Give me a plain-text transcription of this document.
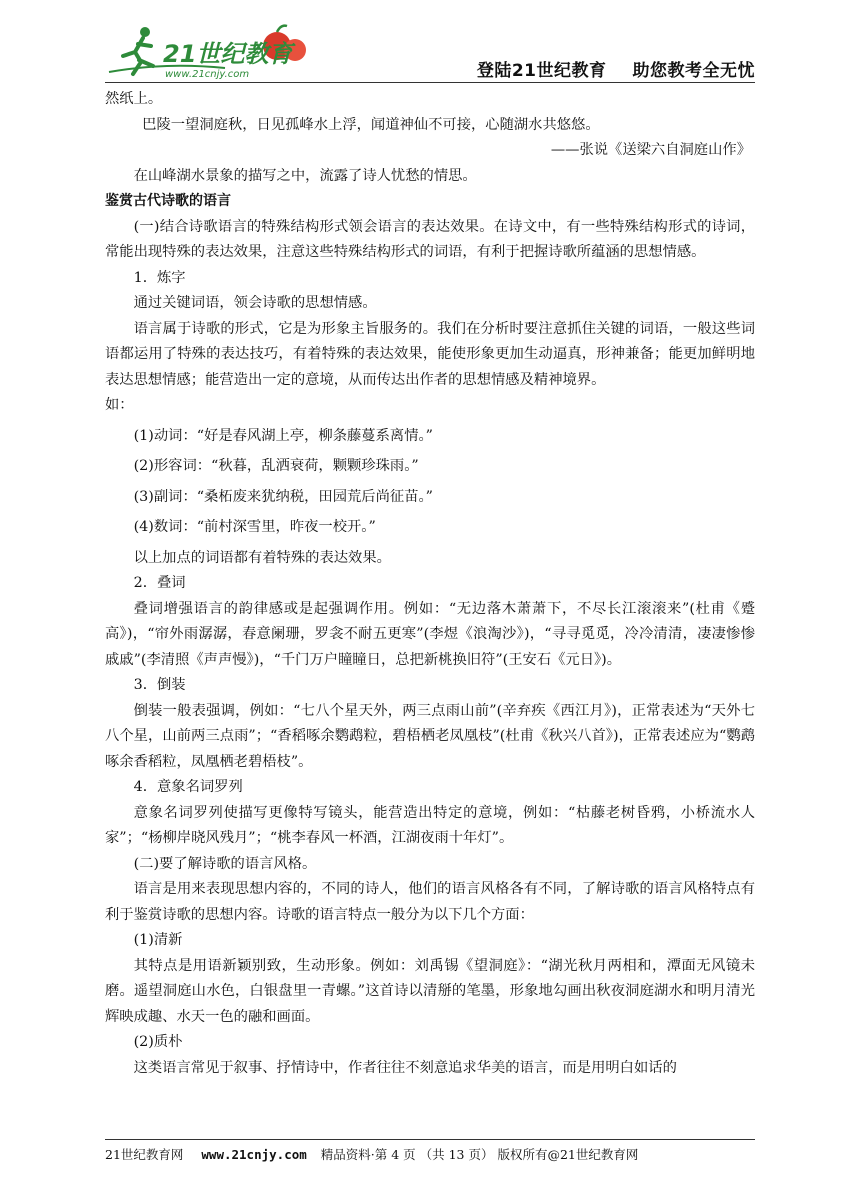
21世纪教育
www.21cnjy.com	登陆21世纪教育 助您教考全无忧

然纸上。

巴陵一望洞庭秋，日见孤峰水上浮，闻道神仙不可接，心随湖水共悠悠。

——张说《送梁六自洞庭山作》

在山峰湖水景象的描写之中，流露了诗人忧愁的情思。

鉴赏古代诗歌的语言

(一)结合诗歌语言的特殊结构形式领会语言的表达效果。在诗文中，有一些特殊结构形式的诗词，常能出现特殊的表达效果，注意这些特殊结构形式的词语，有利于把握诗歌所蕴涵的思想情感。

1．炼字

通过关键词语，领会诗歌的思想情感。

语言属于诗歌的形式，它是为形象主旨服务的。我们在分析时要注意抓住关键的词语，一般这些词语都运用了特殊的表达技巧，有着特殊的表达效果，能使形象更加生动逼真，形神兼备；能更加鲜明地表达思想情感；能营造出一定的意境，从而传达出作者的思想情感及精神境界。

如：

(1)动词：“好是春风湖上亭，柳条藤蔓系离情。”

(2)形容词：“秋暮，乱洒衰荷，颗颗珍珠雨。”

(3)副词：“桑柘废来犹纳税，田园荒后尚征苗。”

(4)数词：“前村深雪里，昨夜一校开。”

以上加点的词语都有着特殊的表达效果。

2．叠词

叠词增强语言的韵律感或是起强调作用。例如：“无边落木萧萧下，不尽长江滚滚来”(杜甫《蹙高》)，“帘外雨潺潺，春意阑珊，罗衾不耐五更寒”(李煜《浪淘沙》)，“寻寻觅觅，冷冷清清，凄凄惨惨戚戚”(李清照《声声慢》)，“千门万户瞳瞳日，总把新桃换旧符”(王安石《元日》)。

3．倒装

倒装一般表强调，例如：“七八个星天外，两三点雨山前”(辛弃疾《西江月》)，正常表述为“天外七八个星，山前两三点雨”；“香稻啄余鹦鹉粒，碧梧栖老凤凰枝”(杜甫《秋兴八首》)，正常表述应为“鹦鹉啄余香稻粒，凤凰栖老碧梧枝”。

4．意象名词罗列

意象名词罗列使描写更像特写镜头，能营造出特定的意境，例如：“枯藤老树昏鸦，小桥流水人家”；“杨柳岸晓风残月”；“桃李春风一杯酒，江湖夜雨十年灯”。

(二)要了解诗歌的语言风格。

语言是用来表现思想内容的，不同的诗人，他们的语言风格各有不同，了解诗歌的语言风格特点有利于鉴赏诗歌的思想内容。诗歌的语言特点一般分为以下几个方面：

(1)清新

其特点是用语新颖别致，生动形象。例如：刘禹锡《望洞庭》：“湖光秋月两相和，潭面无风镜未磨。遥望洞庭山水色，白银盘里一青螺。”这首诗以清掰的笔墨，形象地勾画出秋夜洞庭湖水和明月清光辉映成趣、水天一色的融和画面。

(2)质朴

这类语言常见于叙事、抒情诗中，作者往往不刻意追求华美的语言，而是用明白如话的

21世纪教育网 www.21cnjy.com 精品资料·第 4 页 （共 13 页） 版权所有@21世纪教育网
